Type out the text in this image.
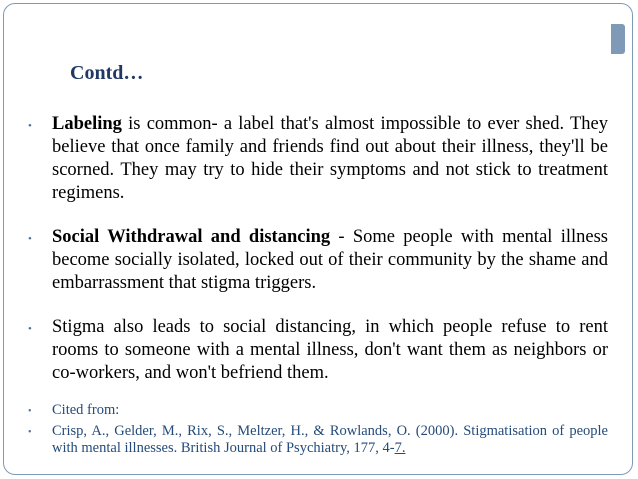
Contd…
• Labeling is common- a label that's almost impossible to ever shed. They believe that once family and friends find out about their illness, they'll be scorned. They may try to hide their symptoms and not stick to treatment regimens.
• Social Withdrawal and distancing - Some people with mental illness become socially isolated, locked out of their community by the shame and embarrassment that stigma triggers.
• Stigma also leads to social distancing, in which people refuse to rent rooms to someone with a mental illness, don't want them as neighbors or co-workers, and won't befriend them.
• Cited from:
• Crisp, A., Gelder, M., Rix, S., Meltzer, H., & Rowlands, O. (2000). Stigmatisation of people with mental illnesses. British Journal of Psychiatry, 177, 4-7.
